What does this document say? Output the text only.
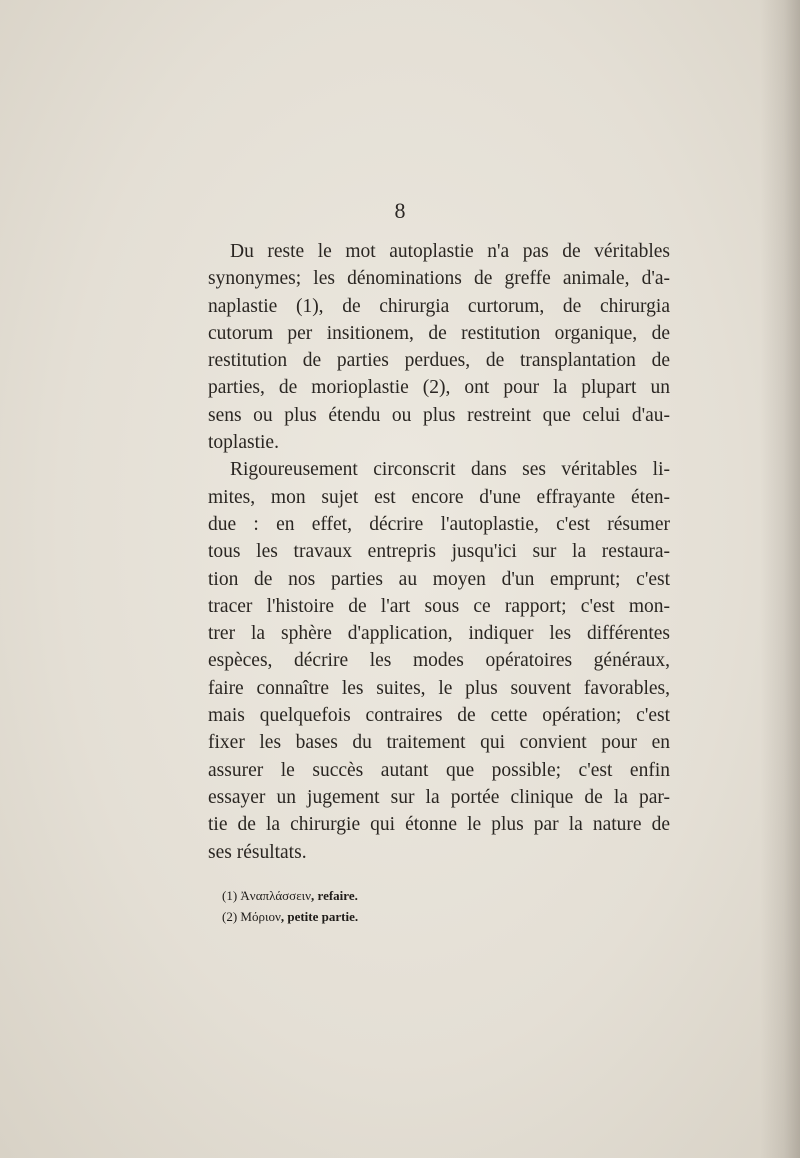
8
Du reste le mot autoplastie n'a pas de véritables
synonymes; les dénominations de greffe animale, d'a-
naplastie (1), de chirurgia curtorum, de chirurgia
cutorum per insitionem, de restitution organique, de
restitution de parties perdues, de transplantation de
parties, de morioplastie (2), ont pour la plupart un
sens ou plus étendu ou plus restreint que celui d'au-
toplastie.
Rigoureusement circonscrit dans ses véritables li-
mites, mon sujet est encore d'une effrayante éten-
due : en effet, décrire l'autoplastie, c'est résumer
tous les travaux entrepris jusqu'ici sur la restaura-
tion de nos parties au moyen d'un emprunt; c'est
tracer l'histoire de l'art sous ce rapport; c'est mon-
trer la sphère d'application, indiquer les différentes
espèces, décrire les modes opératoires généraux,
faire connaître les suites, le plus souvent favorables,
mais quelquefois contraires de cette opération; c'est
fixer les bases du traitement qui convient pour en
assurer le succès autant que possible; c'est enfin
essayer un jugement sur la portée clinique de la par-
tie de la chirurgie qui étonne le plus par la nature de
ses résultats.
(1) Ἀναπλάσσειν, refaire.
(2) Μόριον, petite partie.
